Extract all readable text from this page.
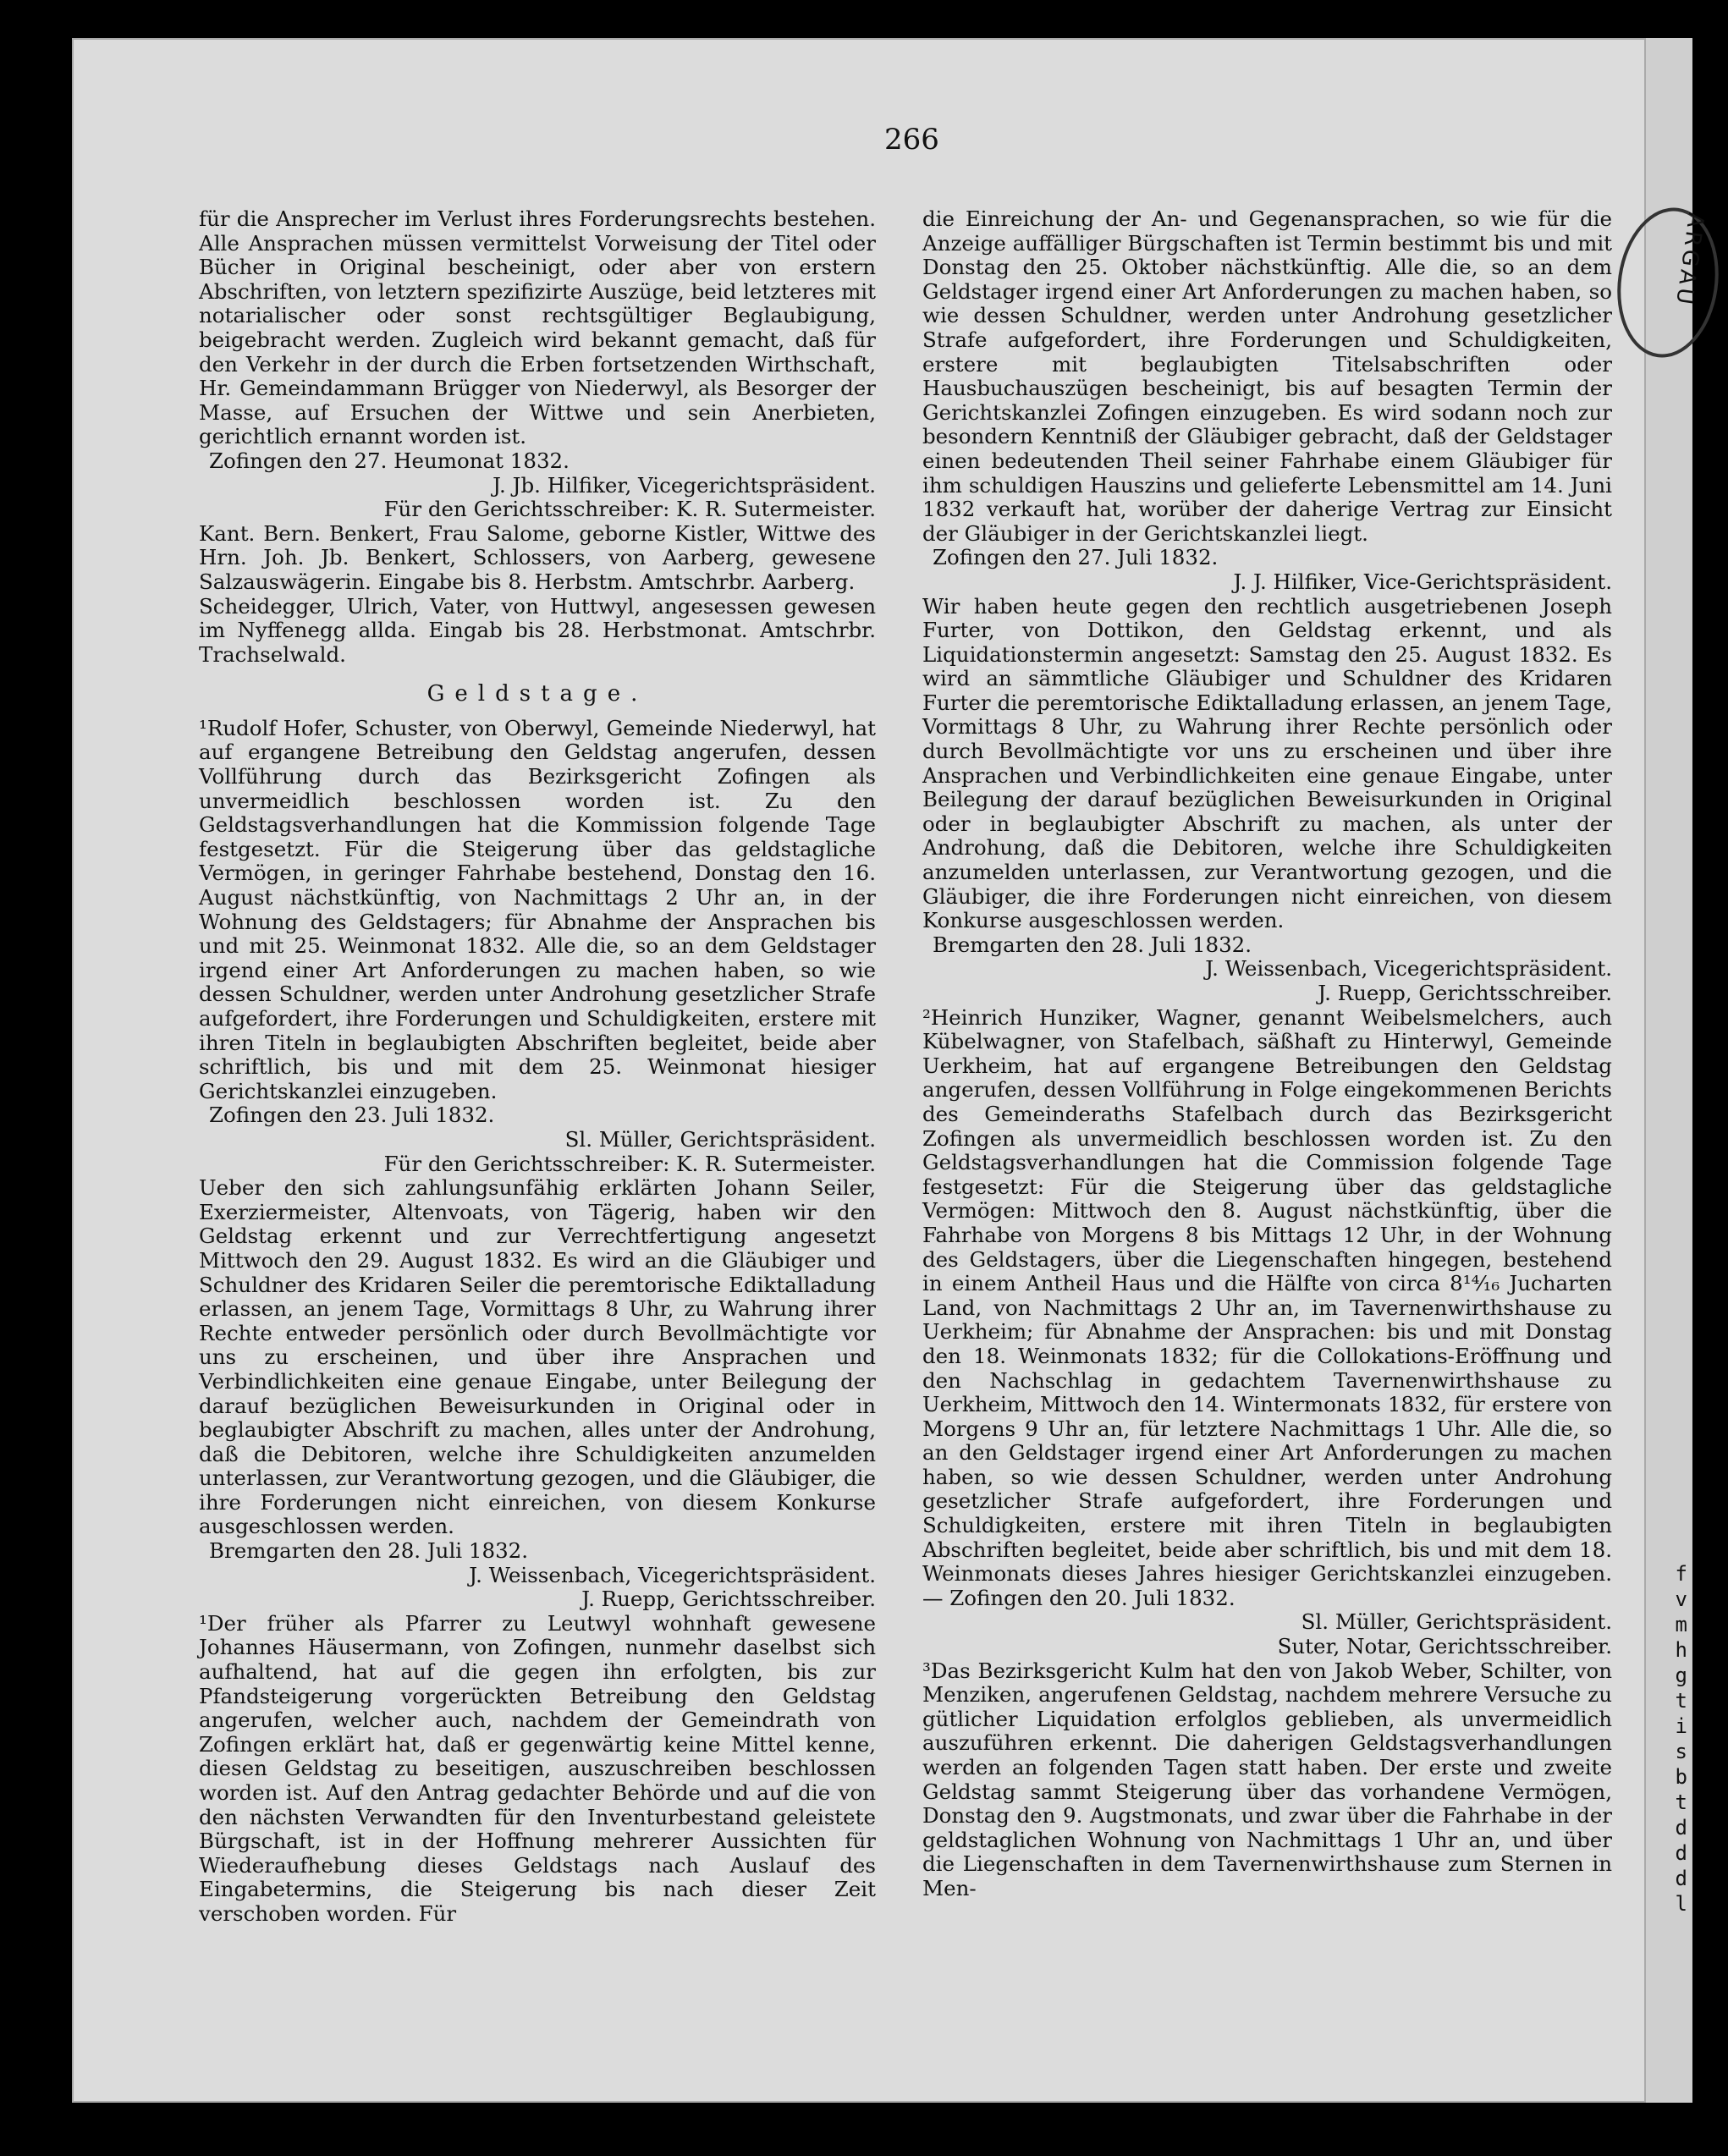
266

für die Ansprecher im Verlust ihres Forderungsrechts bestehen. Alle Ansprachen müssen vermittelst Vorweisung der Titel oder Bücher in Original bescheinigt, oder aber von erstern Abschriften, von letztern spezifizirte Auszüge, beid letzteres mit notarialischer oder sonst rechtsgültiger Beglaubigung, beigebracht werden. Zugleich wird bekannt gemacht, daß für den Verkehr in der durch die Erben fortsetzenden Wirthschaft, Hr. Gemeindammann Brügger von Niederwyl, als Besorger der Masse, auf Ersuchen der Wittwe und sein Anerbieten, gerichtlich ernannt worden ist.

Zofingen den 27. Heumonat 1832.

J. Jb. Hilfiker, Vicegerichtspräsident.

Für den Gerichtsschreiber: K. R. Sutermeister.

Kant. Bern. Benkert, Frau Salome, geborne Kistler, Wittwe des Hrn. Joh. Jb. Benkert, Schlossers, von Aarberg, gewesene Salzauswägerin. Eingabe bis 8. Herbstm. Amtschrbr. Aarberg.

Scheidegger, Ulrich, Vater, von Huttwyl, angesessen gewesen im Nyffenegg allda. Eingab bis 28. Herbstmonat. Amtschrbr. Trachselwald.

Geldstage.

¹Rudolf Hofer, Schuster, von Oberwyl, Gemeinde Niederwyl, hat auf ergangene Betreibung den Geldstag angerufen, dessen Vollführung durch das Bezirksgericht Zofingen als unvermeidlich beschlossen worden ist. Zu den Geldstagsverhandlungen hat die Kommission folgende Tage festgesetzt. Für die Steigerung über das geldstagliche Vermögen, in geringer Fahrhabe bestehend, Donstag den 16. August nächstkünftig, von Nachmittags 2 Uhr an, in der Wohnung des Geldstagers; für Abnahme der Ansprachen bis und mit 25. Weinmonat 1832. Alle die, so an dem Geldstager irgend einer Art Anforderungen zu machen haben, so wie dessen Schuldner, werden unter Androhung gesetzlicher Strafe aufgefordert, ihre Forderungen und Schuldigkeiten, erstere mit ihren Titeln in beglaubigten Abschriften begleitet, beide aber schriftlich, bis und mit dem 25. Weinmonat hiesiger Gerichtskanzlei einzugeben.

Zofingen den 23. Juli 1832.

Sl. Müller, Gerichtspräsident.

Für den Gerichtsschreiber: K. R. Sutermeister.

Ueber den sich zahlungsunfähig erklärten Johann Seiler, Exerziermeister, Altenvoats, von Tägerig, haben wir den Geldstag erkennt und zur Verrechtfertigung angesetzt Mittwoch den 29. August 1832. Es wird an die Gläubiger und Schuldner des Kridaren Seiler die peremtorische Ediktalladung erlassen, an jenem Tage, Vormittags 8 Uhr, zu Wahrung ihrer Rechte entweder persönlich oder durch Bevollmächtigte vor uns zu erscheinen, und über ihre Ansprachen und Verbindlichkeiten eine genaue Eingabe, unter Beilegung der darauf bezüglichen Beweisurkunden in Original oder in beglaubigter Abschrift zu machen, alles unter der Androhung, daß die Debitoren, welche ihre Schuldigkeiten anzumelden unterlassen, zur Verantwortung gezogen, und die Gläubiger, die ihre Forderungen nicht einreichen, von diesem Konkurse ausgeschlossen werden.

Bremgarten den 28. Juli 1832.

J. Weissenbach, Vicegerichtspräsident.

J. Ruepp, Gerichtsschreiber.

¹Der früher als Pfarrer zu Leutwyl wohnhaft gewesene Johannes Häusermann, von Zofingen, nunmehr daselbst sich aufhaltend, hat auf die gegen ihn erfolgten, bis zur Pfandsteigerung vorgerückten Betreibung den Geldstag angerufen, welcher auch, nachdem der Gemeindrath von Zofingen erklärt hat, daß er gegenwärtig keine Mittel kenne, diesen Geldstag zu beseitigen, auszuschreiben beschlossen worden ist. Auf den Antrag gedachter Behörde und auf die von den nächsten Verwandten für den Inventurbestand geleistete Bürgschaft, ist in der Hoffnung mehrerer Aussichten für Wiederaufhebung dieses Geldstags nach Auslauf des Eingabetermins, die Steigerung bis nach dieser Zeit verschoben worden. Für

die Einreichung der An- und Gegenansprachen, so wie für die Anzeige auffälliger Bürgschaften ist Termin bestimmt bis und mit Donstag den 25. Oktober nächstkünftig. Alle die, so an dem Geldstager irgend einer Art Anforderungen zu machen haben, so wie dessen Schuldner, werden unter Androhung gesetzlicher Strafe aufgefordert, ihre Forderungen und Schuldigkeiten, erstere mit beglaubigten Titelsabschriften oder Hausbuchauszügen bescheinigt, bis auf besagten Termin der Gerichtskanzlei Zofingen einzugeben. Es wird sodann noch zur besondern Kenntniß der Gläubiger gebracht, daß der Geldstager einen bedeutenden Theil seiner Fahrhabe einem Gläubiger für ihm schuldigen Hauszins und gelieferte Lebensmittel am 14. Juni 1832 verkauft hat, worüber der daherige Vertrag zur Einsicht der Gläubiger in der Gerichtskanzlei liegt.

Zofingen den 27. Juli 1832.

J. J. Hilfiker, Vice-Gerichtspräsident.

Wir haben heute gegen den rechtlich ausgetriebenen Joseph Furter, von Dottikon, den Geldstag erkennt, und als Liquidationstermin angesetzt: Samstag den 25. August 1832. Es wird an sämmtliche Gläubiger und Schuldner des Kridaren Furter die peremtorische Ediktalladung erlassen, an jenem Tage, Vormittags 8 Uhr, zu Wahrung ihrer Rechte persönlich oder durch Bevollmächtigte vor uns zu erscheinen und über ihre Ansprachen und Verbindlichkeiten eine genaue Eingabe, unter Beilegung der darauf bezüglichen Beweisurkunden in Original oder in beglaubigter Abschrift zu machen, als unter der Androhung, daß die Debitoren, welche ihre Schuldigkeiten anzumelden unterlassen, zur Verantwortung gezogen, und die Gläubiger, die ihre Forderungen nicht einreichen, von diesem Konkurse ausgeschlossen werden.

Bremgarten den 28. Juli 1832.

J. Weissenbach, Vicegerichtspräsident.

J. Ruepp, Gerichtsschreiber.

²Heinrich Hunziker, Wagner, genannt Weibelsmelchers, auch Kübelwagner, von Stafelbach, säßhaft zu Hinterwyl, Gemeinde Uerkheim, hat auf ergangene Betreibungen den Geldstag angerufen, dessen Vollführung in Folge eingekommenen Berichts des Gemeinderaths Stafelbach durch das Bezirksgericht Zofingen als unvermeidlich beschlossen worden ist. Zu den Geldstagsverhandlungen hat die Commission folgende Tage festgesetzt: Für die Steigerung über das geldstagliche Vermögen: Mittwoch den 8. August nächstkünftig, über die Fahrhabe von Morgens 8 bis Mittags 12 Uhr, in der Wohnung des Geldstagers, über die Liegenschaften hingegen, bestehend in einem Antheil Haus und die Hälfte von circa 8¹⁴⁄₁₆ Jucharten Land, von Nachmittags 2 Uhr an, im Tavernenwirthshause zu Uerkheim; für Abnahme der Ansprachen: bis und mit Donstag den 18. Weinmonats 1832; für die Collokations-Eröffnung und den Nachschlag in gedachtem Tavernenwirthshause zu Uerkheim, Mittwoch den 14. Wintermonats 1832, für erstere von Morgens 9 Uhr an, für letztere Nachmittags 1 Uhr. Alle die, so an den Geldstager irgend einer Art Anforderungen zu machen haben, so wie dessen Schuldner, werden unter Androhung gesetzlicher Strafe aufgefordert, ihre Forderungen und Schuldigkeiten, erstere mit ihren Titeln in beglaubigten Abschriften begleitet, beide aber schriftlich, bis und mit dem 18. Weinmonats dieses Jahres hiesiger Gerichtskanzlei einzugeben. — Zofingen den 20. Juli 1832.

Sl. Müller, Gerichtspräsident.

Suter, Notar, Gerichtsschreiber.

³Das Bezirksgericht Kulm hat den von Jakob Weber, Schilter, von Menziken, angerufenen Geldstag, nachdem mehrere Versuche zu gütlicher Liquidation erfolglos geblieben, als unvermeidlich auszuführen erkennt. Die daherigen Geldstagsverhandlungen werden an folgenden Tagen statt haben. Der erste und zweite Geldstag sammt Steigerung über das vorhandene Vermögen, Donstag den 9. Augstmonats, und zwar über die Fahrhabe in der geldstaglichen Wohnung von Nachmittags 1 Uhr an, und über die Liegenschaften in dem Tavernenwirthshause zum Sternen in Men-

ARGAU
f
v
m
h
g
t
i
s
b
t
d
d
d
l
